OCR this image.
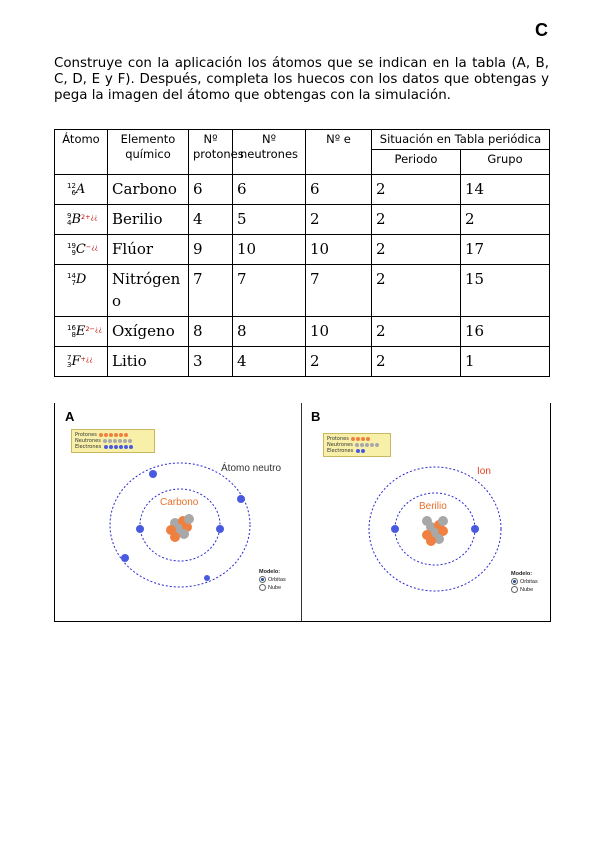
C

Construye con la aplicación los átomos que se indican en la tabla (A, B, C, D, E y F). Después, completa los huecos con los datos que obtengas y pega la imagen del átomo que obtengas con la simulación.

Átomo	Elemento químico	Nº protones	Nº neutrones	Nº e	Situación en Tabla periódica	
					Periodo	Grupo
12
6A	Carbono	6	6	6	2	14
9
$4B^{2+¿¿}$	Berilio	4	5	2	2	2
19
9C−¿¿	Flúor	9	10	10	2	17
14
7D	Nitrógeno	7	7	7	2	15
16
$8E^{2-¿¿}$	Oxígeno	8	8	10	2	16
7
3F+¿¿	Litio	3	4	2	2	1
A
Protones
Neutrones
Electrones
Átomo neutro
Carbono
Modelo:
Orbitas
Nube
B
Protones
Neutrones
Electrones
Ion
Berilio
Modelo:
Orbitas
Nube
